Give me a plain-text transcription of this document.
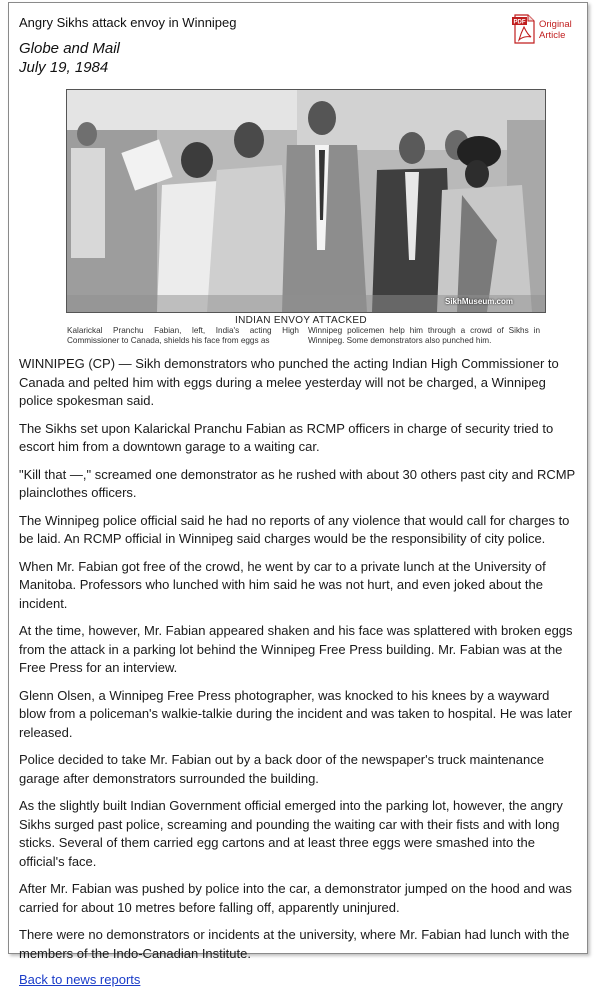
Angry Sikhs attack envoy in Winnipeg
Globe and Mail
July 19, 1984
PDF Original
Article
SikhMuseum.com
INDIAN ENVOY ATTACKED
Kalarickal Pranchu Fabian, left, India's acting High Commissioner to Canada, shields his face from eggs as
Winnipeg policemen help him through a crowd of Sikhs in Winnipeg. Some demonstrators also punched him.

WINNIPEG (CP) — Sikh demonstrators who punched the acting Indian High Commissioner to Canada and pelted him with eggs during a melee yesterday will not be charged, a Winnipeg police spokesman said.

The Sikhs set upon Kalarickal Pranchu Fabian as RCMP officers in charge of security tried to escort him from a downtown garage to a waiting car.

"Kill that —," screamed one demonstrator as he rushed with about 30 others past city and RCMP plainclothes officers.

The Winnipeg police official said he had no reports of any violence that would call for charges to be laid. An RCMP official in Winnipeg said charges would be the responsibility of city police.

When Mr. Fabian got free of the crowd, he went by car to a private lunch at the University of Manitoba. Professors who lunched with him said he was not hurt, and even joked about the incident.

At the time, however, Mr. Fabian appeared shaken and his face was splattered with broken eggs from the attack in a parking lot behind the Winnipeg Free Press building. Mr. Fabian was at the Free Press for an interview.

Glenn Olsen, a Winnipeg Free Press photographer, was knocked to his knees by a wayward blow from a policeman's walkie-talkie during the incident and was taken to hospital. He was later released.

Police decided to take Mr. Fabian out by a back door of the newspaper's truck maintenance garage after demonstrators surrounded the building.

As the slightly built Indian Government official emerged into the parking lot, however, the angry Sikhs surged past police, screaming and pounding the waiting car with their fists and with long sticks. Several of them carried egg cartons and at least three eggs were smashed into the official's face.

After Mr. Fabian was pushed by police into the car, a demonstrator jumped on the hood and was carried for about 10 metres before falling off, apparently uninjured.

There were no demonstrators or incidents at the university, where Mr. Fabian had lunch with the members of the Indo-Canadian Institute.

Back to news reports
